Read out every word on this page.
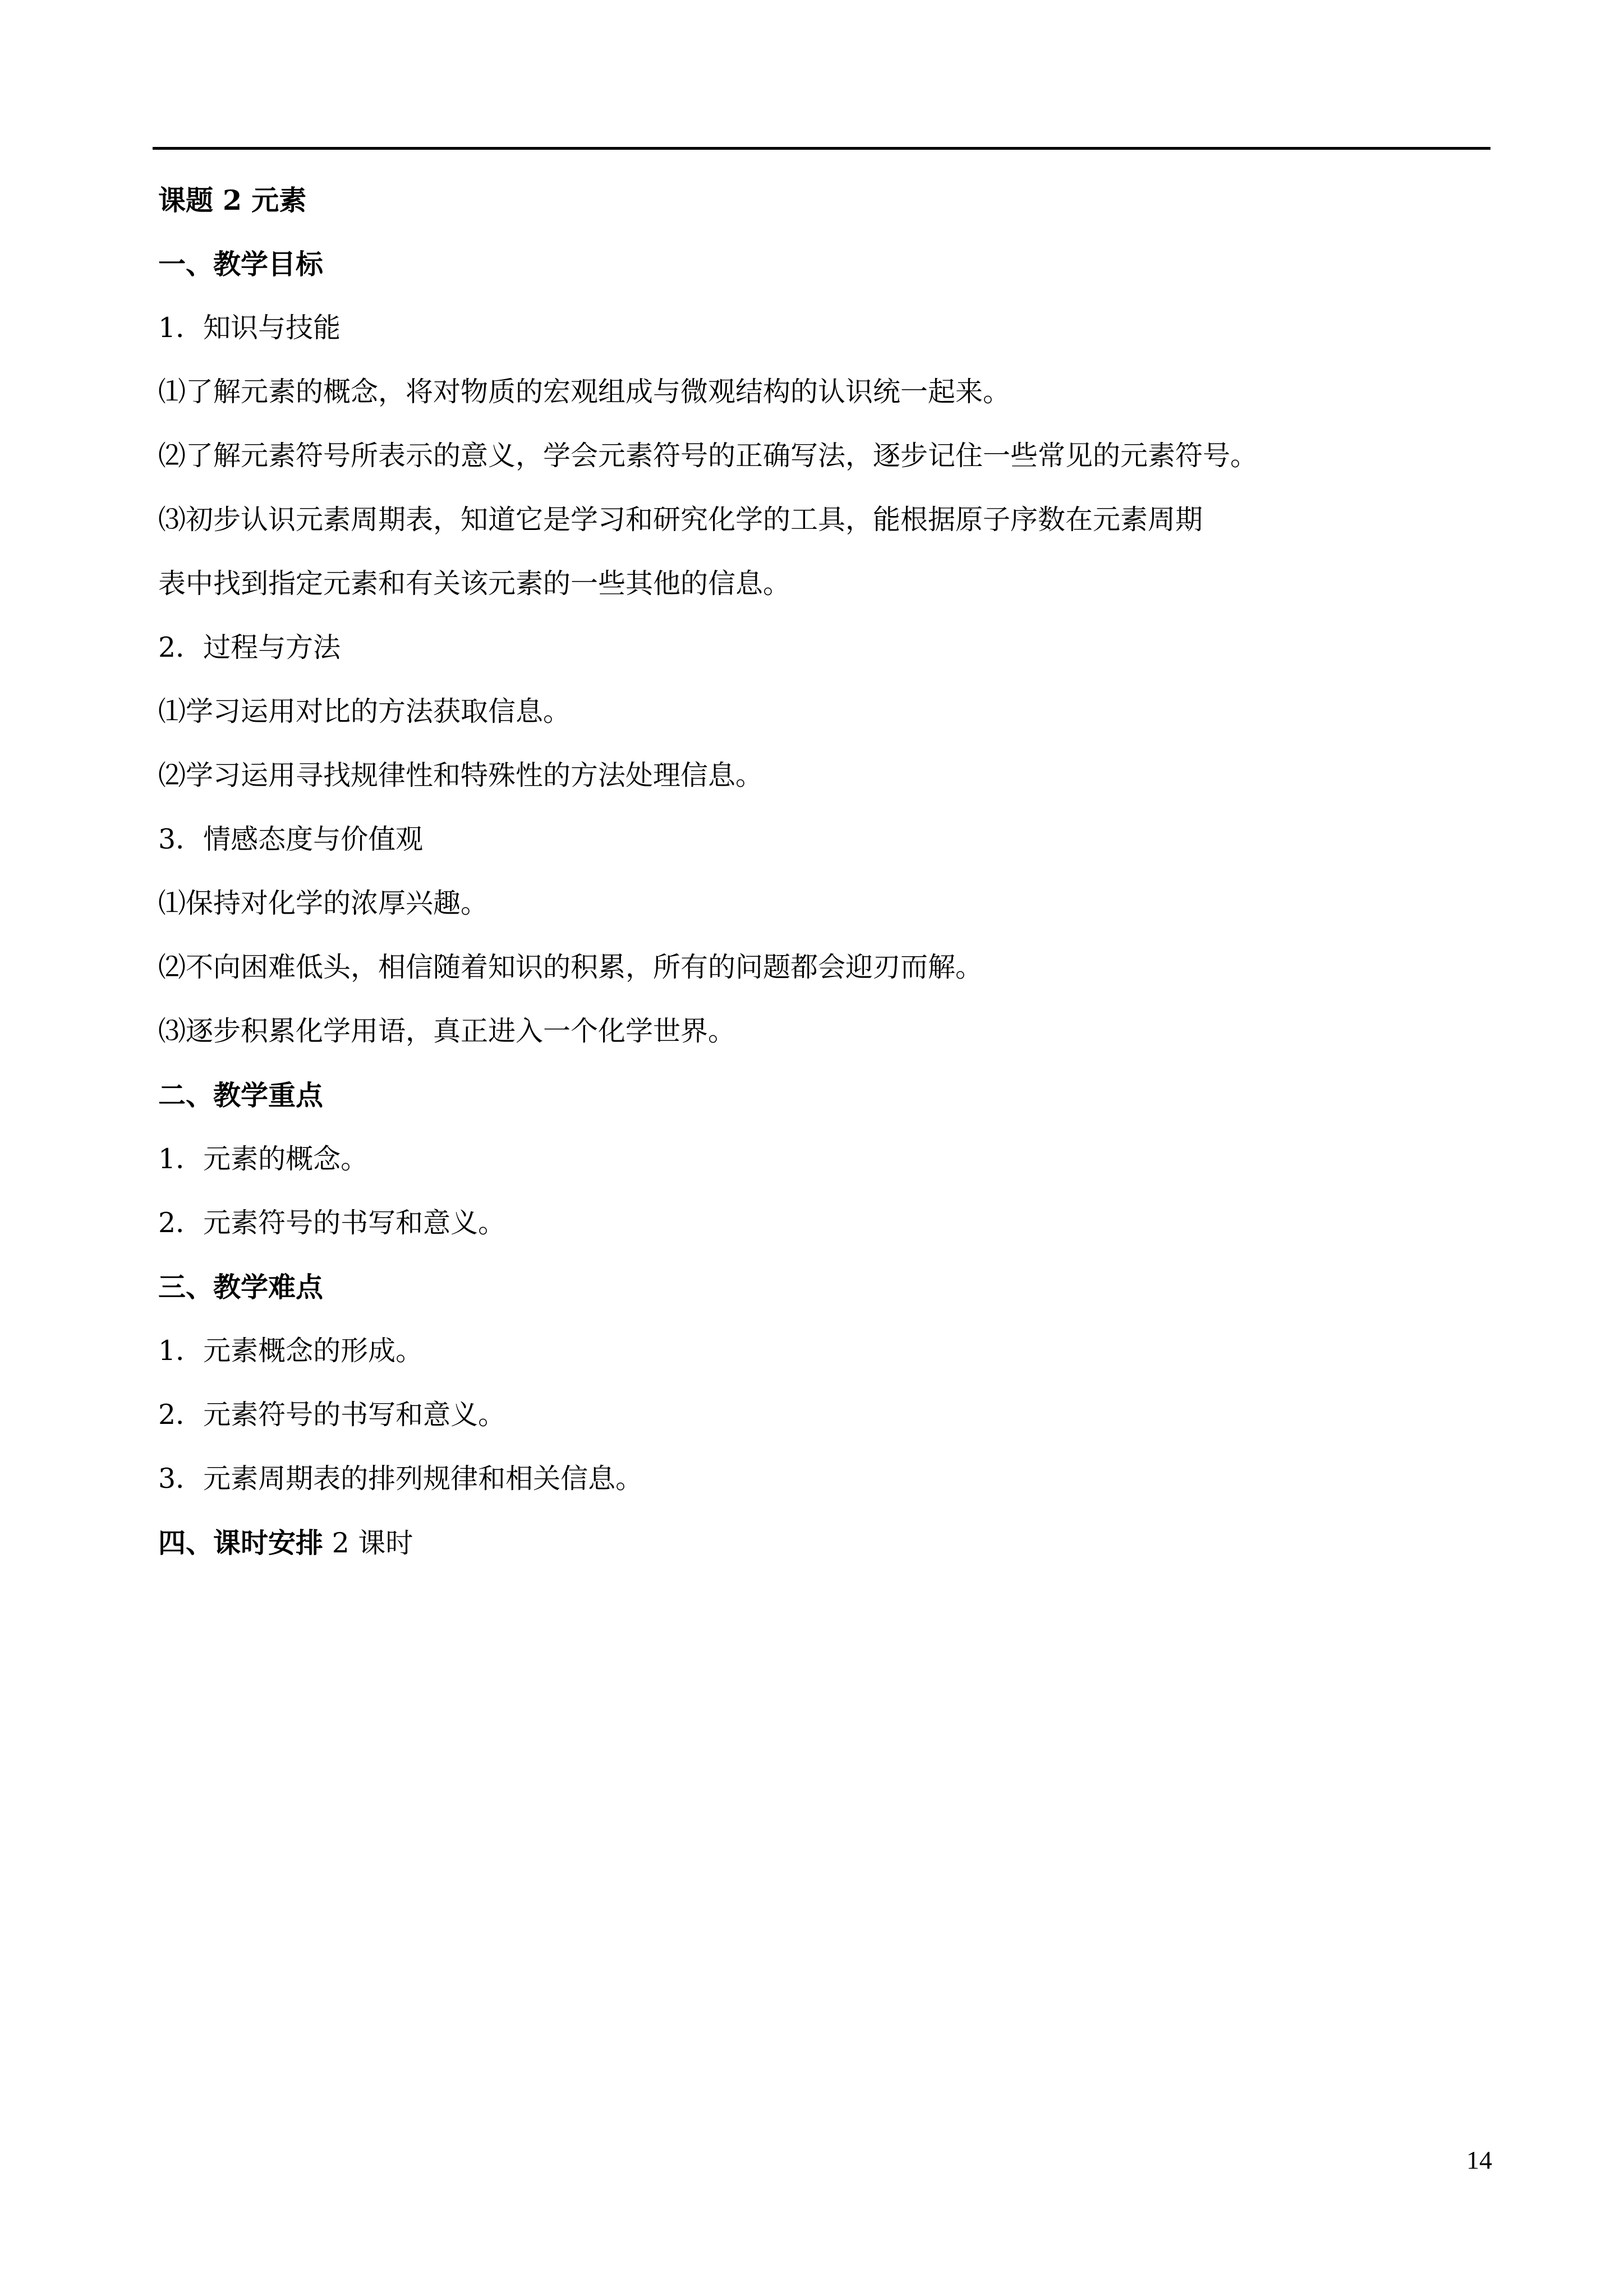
课题 2 元素
一、教学目标
1．知识与技能
⑴了解元素的概念，将对物质的宏观组成与微观结构的认识统一起来。
⑵了解元素符号所表示的意义，学会元素符号的正确写法，逐步记住一些常见的元素符号。
⑶初步认识元素周期表，知道它是学习和研究化学的工具，能根据原子序数在元素周期
表中找到指定元素和有关该元素的一些其他的信息。
2．过程与方法
⑴学习运用对比的方法获取信息。
⑵学习运用寻找规律性和特殊性的方法处理信息。
3．情感态度与价值观
⑴保持对化学的浓厚兴趣。
⑵不向困难低头，相信随着知识的积累，所有的问题都会迎刃而解。
⑶逐步积累化学用语，真正进入一个化学世界。
二、教学重点
1．元素的概念。
2．元素符号的书写和意义。
三、教学难点
1．元素概念的形成。
2．元素符号的书写和意义。
3．元素周期表的排列规律和相关信息。
四、课时安排 2 课时
14
